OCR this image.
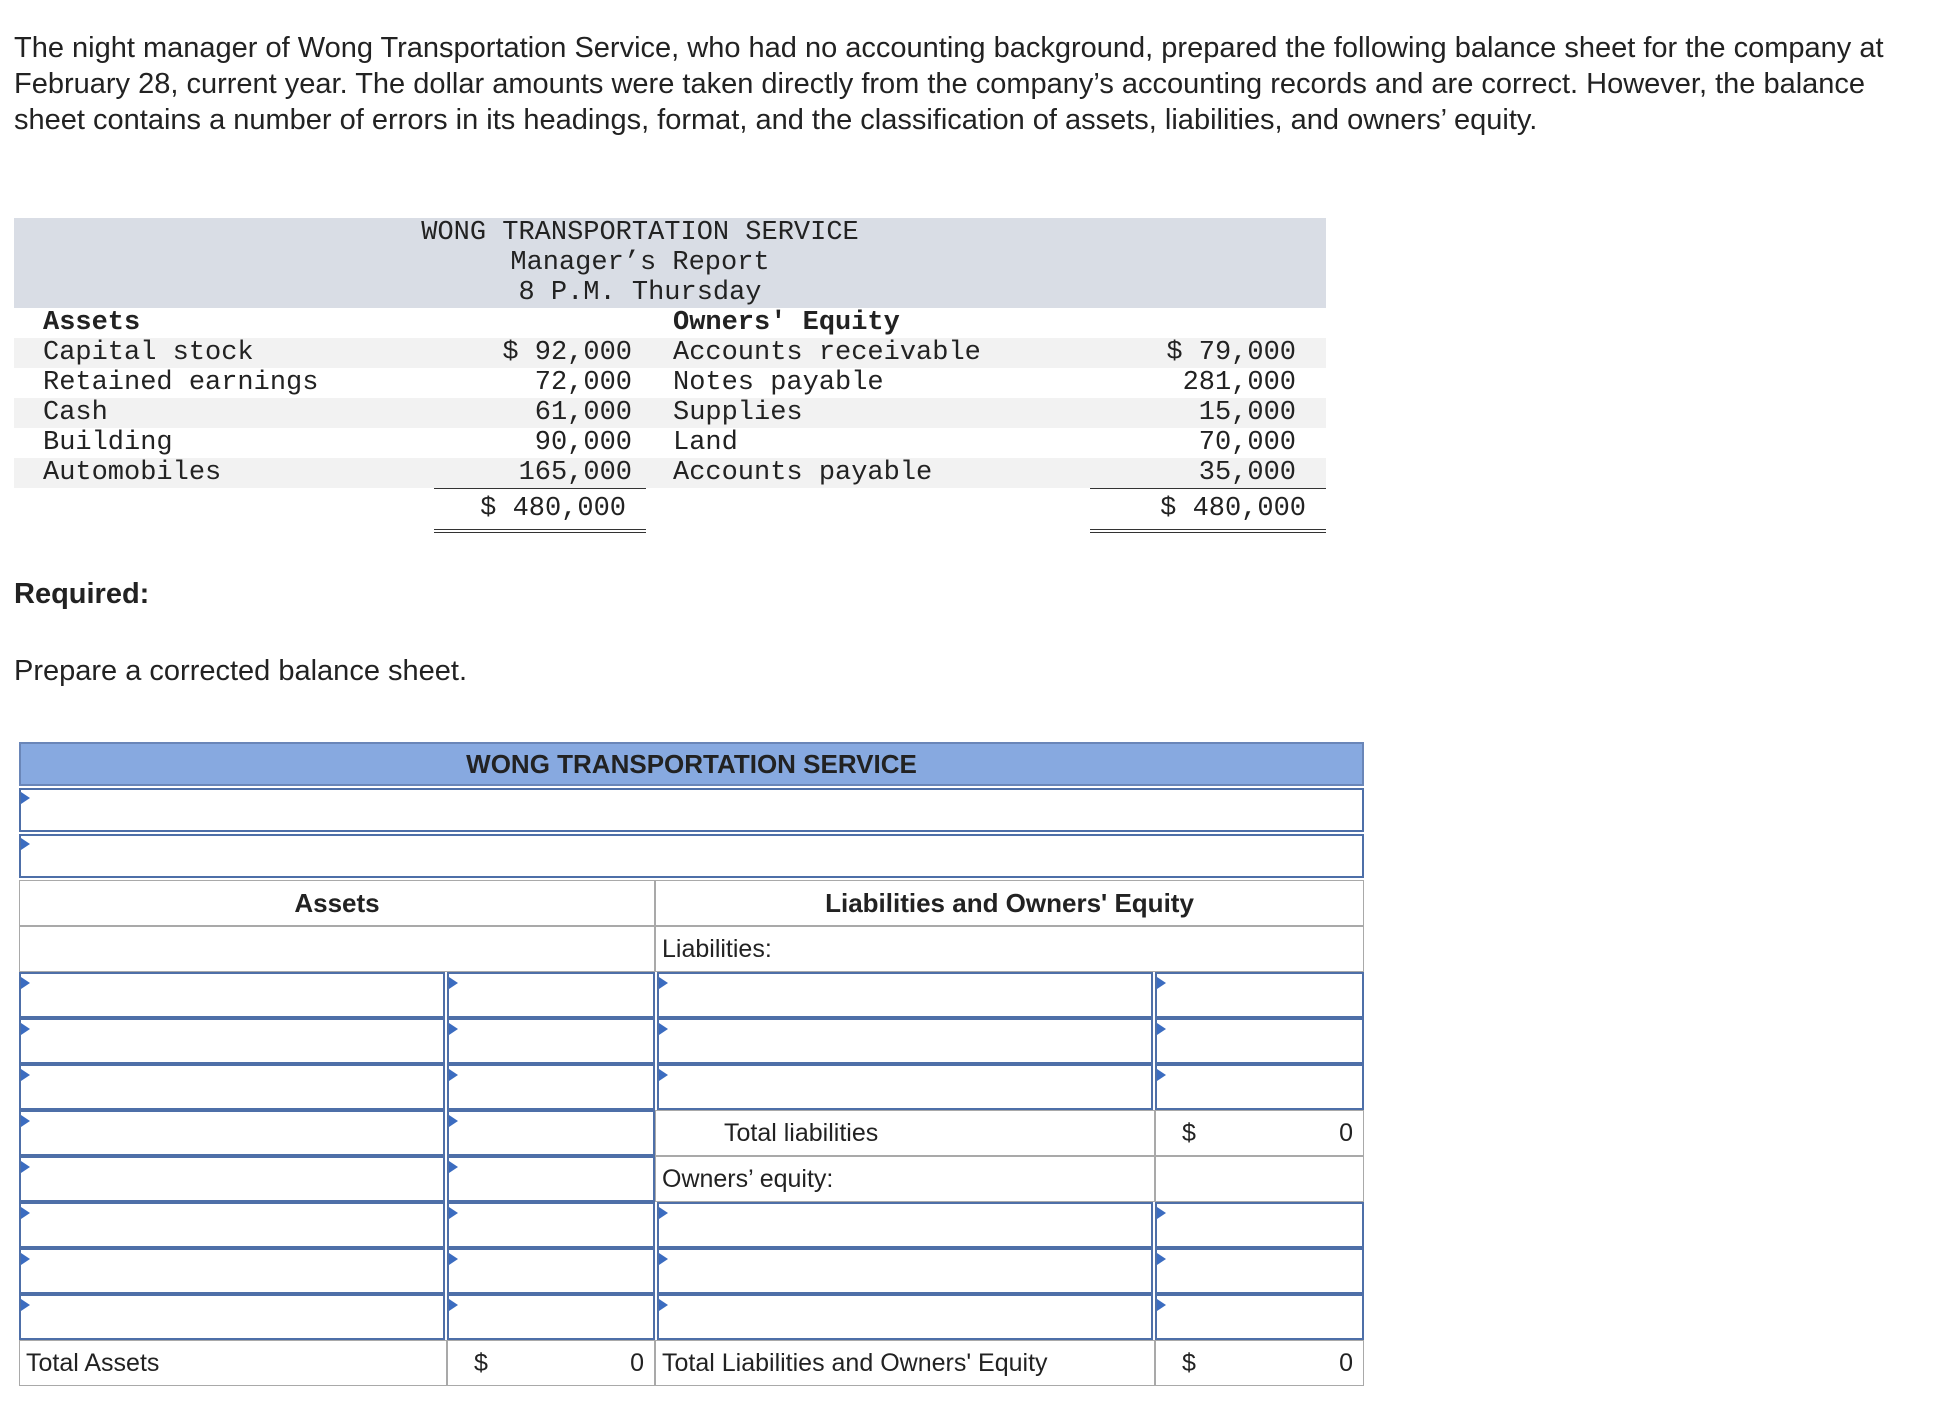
The night manager of Wong Transportation Service, who had no accounting background, prepared the following balance sheet for the company at February 28, current year. The dollar amounts were taken directly from the company’s accounting records and are correct. However, the balance sheet contains a number of errors in its headings, format, and the classification of assets, liabilities, and owners’ equity.

WONG TRANSPORTATION SERVICE
Manager’s Report
8 P.M. Thursday
Assets	Owners' Equity
Capital stock	$ 92,000 Accounts receivable	$ 79,000
Retained earnings	72,000 Notes payable	281,000
Cash	61,000 Supplies	15,000
Building	90,000 Land	70,000
Automobiles	165,000 Accounts payable	35,000
$ 480,000	$ 480,000
Required:
Prepare a corrected balance sheet.
WONG TRANSPORTATION SERVICE
Assets	Liabilities and Owners' Equity
Liabilities:
Total liabilities	$	0
Owners’ equity:
Total Assets	$	0 Total Liabilities and Owners' Equity	$	0
